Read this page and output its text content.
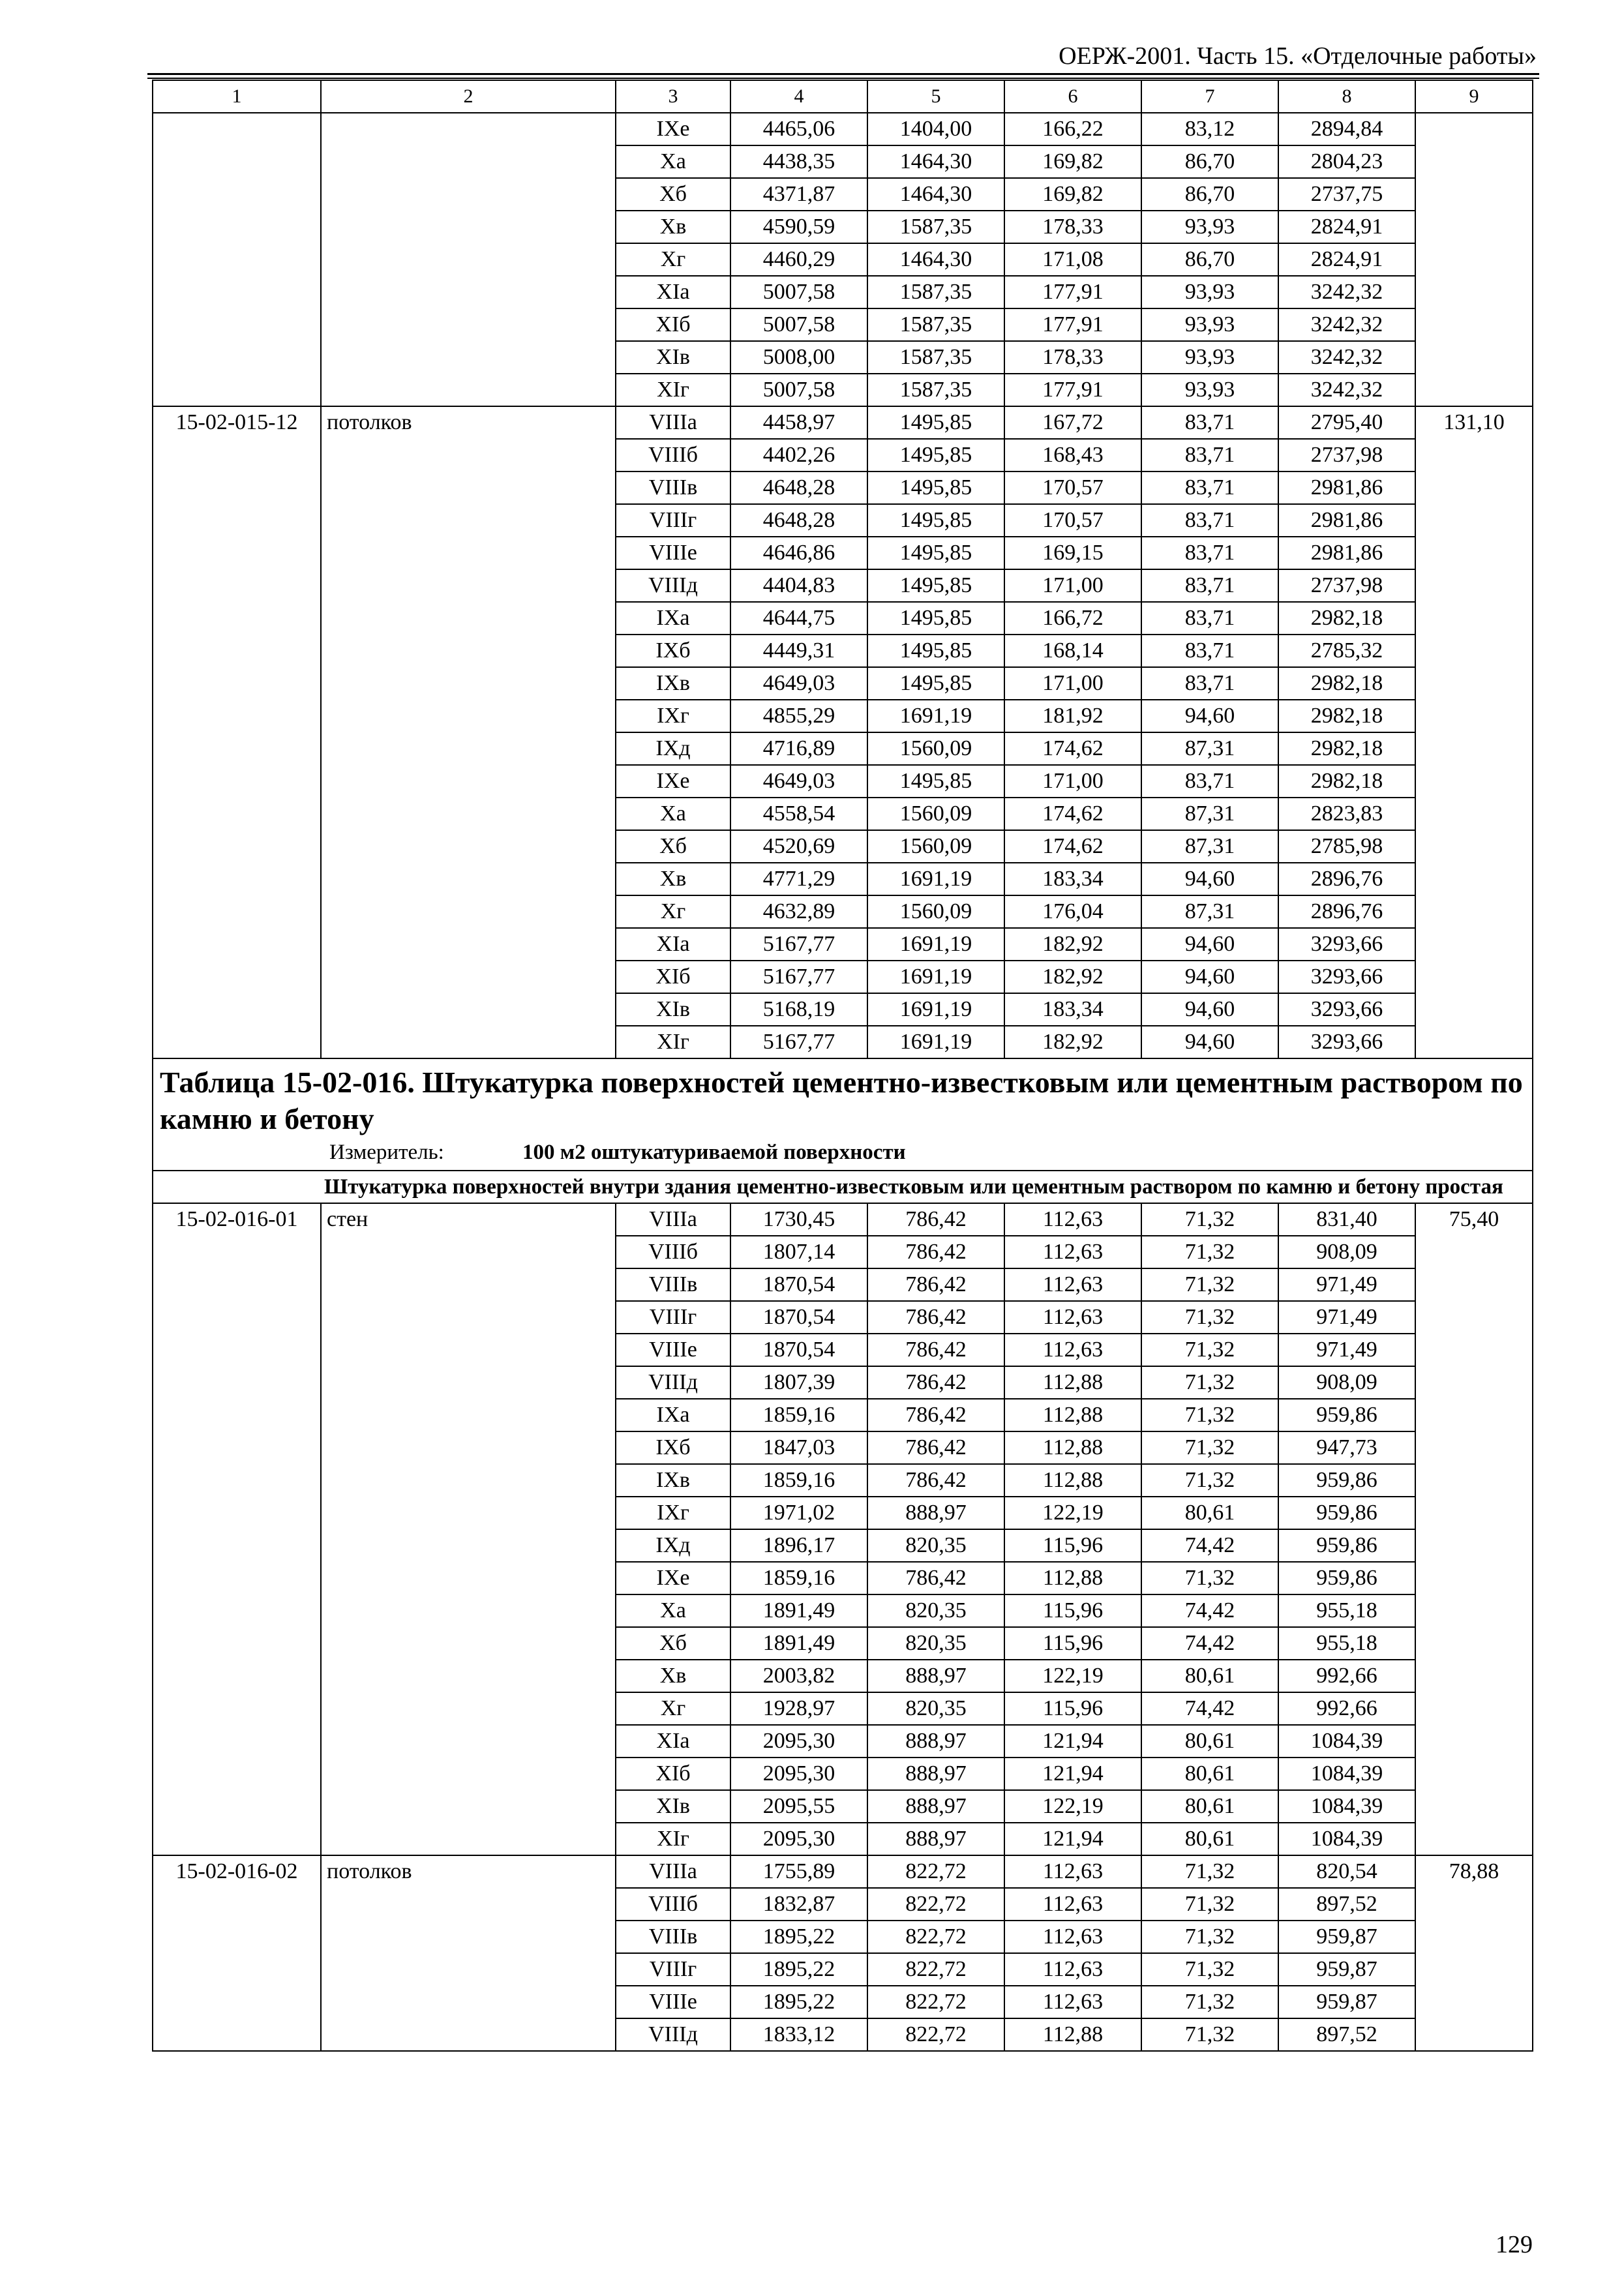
ОЕРЖ-2001. Часть 15. «Отделочные работы»
1	2	3	4	5	6	7	8	9
		IXе	4465,06	1404,00	166,22	83,12	2894,84	
		Xа	4438,35	1464,30	169,82	86,70	2804,23	
		Xб	4371,87	1464,30	169,82	86,70	2737,75	
		Xв	4590,59	1587,35	178,33	93,93	2824,91	
		Xг	4460,29	1464,30	171,08	86,70	2824,91	
		XIа	5007,58	1587,35	177,91	93,93	3242,32	
		XIб	5007,58	1587,35	177,91	93,93	3242,32	
		XIв	5008,00	1587,35	178,33	93,93	3242,32	
		XIг	5007,58	1587,35	177,91	93,93	3242,32	
15-02-015-12	потолков	VIIIа	4458,97	1495,85	167,72	83,71	2795,40	131,10
		VIIIб	4402,26	1495,85	168,43	83,71	2737,98	
		VIIIв	4648,28	1495,85	170,57	83,71	2981,86	
		VIIIг	4648,28	1495,85	170,57	83,71	2981,86	
		VIIIе	4646,86	1495,85	169,15	83,71	2981,86	
		VIIIд	4404,83	1495,85	171,00	83,71	2737,98	
		IXа	4644,75	1495,85	166,72	83,71	2982,18	
		IXб	4449,31	1495,85	168,14	83,71	2785,32	
		IXв	4649,03	1495,85	171,00	83,71	2982,18	
		IXг	4855,29	1691,19	181,92	94,60	2982,18	
		IXд	4716,89	1560,09	174,62	87,31	2982,18	
		IXе	4649,03	1495,85	171,00	83,71	2982,18	
		Xа	4558,54	1560,09	174,62	87,31	2823,83	
		Xб	4520,69	1560,09	174,62	87,31	2785,98	
		Xв	4771,29	1691,19	183,34	94,60	2896,76	
		Xг	4632,89	1560,09	176,04	87,31	2896,76	
		XIа	5167,77	1691,19	182,92	94,60	3293,66	
		XIб	5167,77	1691,19	182,92	94,60	3293,66	
		XIв	5168,19	1691,19	183,34	94,60	3293,66	
		XIг	5167,77	1691,19	182,92	94,60	3293,66	

Таблица 15-02-016. Штукатурка поверхностей цементно-известковым или цементным раствором по камню и бетону
Измеритель: 100 м2 оштукатуриваемой поверхности								

Штукатурка поверхностей внутри здания цементно-известковым или цементным раствором по камню и бетону простая								
15-02-016-01	стен	VIIIа	1730,45	786,42	112,63	71,32	831,40	75,40
		VIIIб	1807,14	786,42	112,63	71,32	908,09	
		VIIIв	1870,54	786,42	112,63	71,32	971,49	
		VIIIг	1870,54	786,42	112,63	71,32	971,49	
		VIIIе	1870,54	786,42	112,63	71,32	971,49	
		VIIIд	1807,39	786,42	112,88	71,32	908,09	
		IXа	1859,16	786,42	112,88	71,32	959,86	
		IXб	1847,03	786,42	112,88	71,32	947,73	
		IXв	1859,16	786,42	112,88	71,32	959,86	
		IXг	1971,02	888,97	122,19	80,61	959,86	
		IXд	1896,17	820,35	115,96	74,42	959,86	
		IXе	1859,16	786,42	112,88	71,32	959,86	
		Xа	1891,49	820,35	115,96	74,42	955,18	
		Xб	1891,49	820,35	115,96	74,42	955,18	
		Xв	2003,82	888,97	122,19	80,61	992,66	
		Xг	1928,97	820,35	115,96	74,42	992,66	
		XIа	2095,30	888,97	121,94	80,61	1084,39	
		XIб	2095,30	888,97	121,94	80,61	1084,39	
		XIв	2095,55	888,97	122,19	80,61	1084,39	
		XIг	2095,30	888,97	121,94	80,61	1084,39	
15-02-016-02	потолков	VIIIа	1755,89	822,72	112,63	71,32	820,54	78,88
		VIIIб	1832,87	822,72	112,63	71,32	897,52	
		VIIIв	1895,22	822,72	112,63	71,32	959,87	
		VIIIг	1895,22	822,72	112,63	71,32	959,87	
		VIIIе	1895,22	822,72	112,63	71,32	959,87	
		VIIIд	1833,12	822,72	112,88	71,32	897,52	
129
